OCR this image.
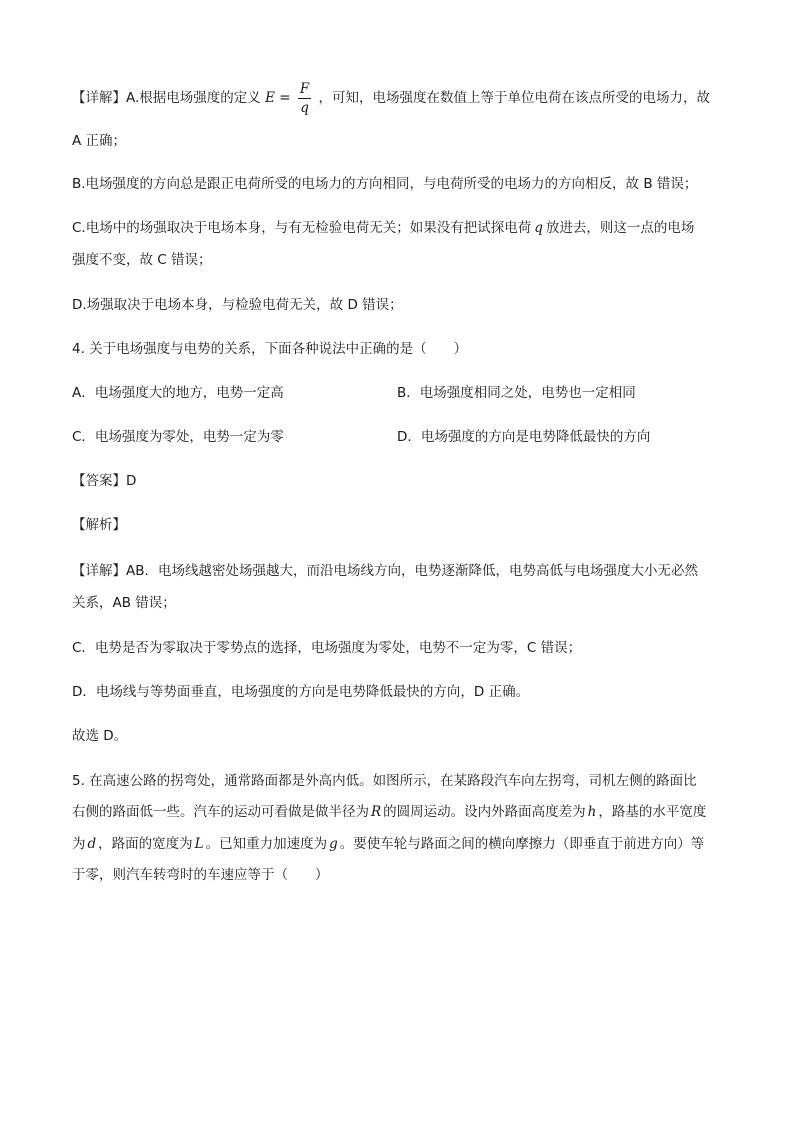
【详解】A.根据电场强度的定义 $E = \frac{F}{q}$ ，可知，电场强度在数值上等于单位电荷在该点所受的电场力，故
A 正确；
B.电场强度的方向总是跟正电荷所受的电场力的方向相同，与电荷所受的电场力的方向相反，故 B 错误；
C.电场中的场强取决于电场本身，与有无检验电荷无关；如果没有把试探电荷 q 放进去，则这一点的电场
强度不变，故 C 错误；
D.场强取决于电场本身，与检验电荷无关，故 D 错误；
4. 关于电场强度与电势的关系，下面各种说法中正确的是（　　）
A．电场强度大的地方，电势一定高	B．电场强度相同之处，电势也一定相同
C．电场强度为零处，电势一定为零	D．电场强度的方向是电势降低最快的方向
【答案】D
【解析】
【详解】AB．电场线越密处场强越大，而沿电场线方向，电势逐渐降低，电势高低与电场强度大小无必然
关系，AB 错误；
C．电势是否为零取决于零势点的选择，电场强度为零处，电势不一定为零，C 错误；
D．电场线与等势面垂直，电场强度的方向是电势降低最快的方向，D 正确。
故选 D。
5. 在高速公路的拐弯处，通常路面都是外高内低。如图所示，在某路段汽车向左拐弯，司机左侧的路面比
右侧的路面低一些。汽车的运动可看做是做半径为 R 的圆周运动。设内外路面高度差为 h ，路基的水平宽度
为 d ，路面的宽度为 L 。已知重力加速度为 g 。要使车轮与路面之间的横向摩擦力（即垂直于前进方向）等
于零，则汽车转弯时的车速应等于（　　）
